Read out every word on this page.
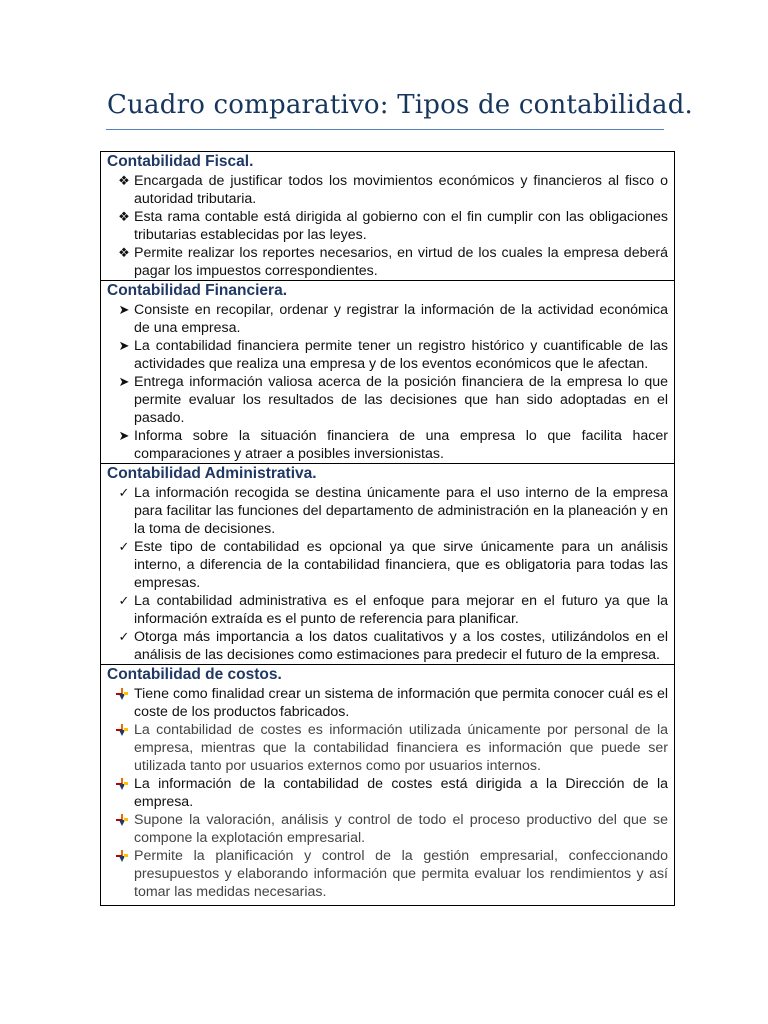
Cuadro comparativo: Tipos de contabilidad.
Contabilidad Fiscal.
❖ Encargada de justificar todos los movimientos económicos y financieros al fisco o autoridad tributaria.
❖ Esta rama contable está dirigida al gobierno con el fin cumplir con las obligaciones tributarias establecidas por las leyes.
❖ Permite realizar los reportes necesarios, en virtud de los cuales la empresa deberá pagar los impuestos correspondientes.
Contabilidad Financiera.
➤ Consiste en recopilar, ordenar y registrar la información de la actividad económica de una empresa.
➤ La contabilidad financiera permite tener un registro histórico y cuantificable de las actividades que realiza una empresa y de los eventos económicos que le afectan.
➤ Entrega información valiosa acerca de la posición financiera de la empresa lo que permite evaluar los resultados de las decisiones que han sido adoptadas en el pasado.
➤ Informa sobre la situación financiera de una empresa lo que facilita hacer comparaciones y atraer a posibles inversionistas.
Contabilidad Administrativa.
✓ La información recogida se destina únicamente para el uso interno de la empresa para facilitar las funciones del departamento de administración en la planeación y en la toma de decisiones.
✓ Este tipo de contabilidad es opcional ya que sirve únicamente para un análisis interno, a diferencia de la contabilidad financiera, que es obligatoria para todas las empresas.
✓ La contabilidad administrativa es el enfoque para mejorar en el futuro ya que la información extraída es el punto de referencia para planificar.
✓ Otorga más importancia a los datos cualitativos y a los costes, utilizándolos en el análisis de las decisiones como estimaciones para predecir el futuro de la empresa.
Contabilidad de costos.
Tiene como finalidad crear un sistema de información que permita conocer cuál es el coste de los productos fabricados.
La contabilidad de costes es información utilizada únicamente por personal de la empresa, mientras que la contabilidad financiera es información que puede ser utilizada tanto por usuarios externos como por usuarios internos.
La información de la contabilidad de costes está dirigida a la Dirección de la empresa.
Supone la valoración, análisis y control de todo el proceso productivo del que se compone la explotación empresarial.
Permite la planificación y control de la gestión empresarial, confeccionando presupuestos y elaborando información que permita evaluar los rendimientos y así tomar las medidas necesarias.
